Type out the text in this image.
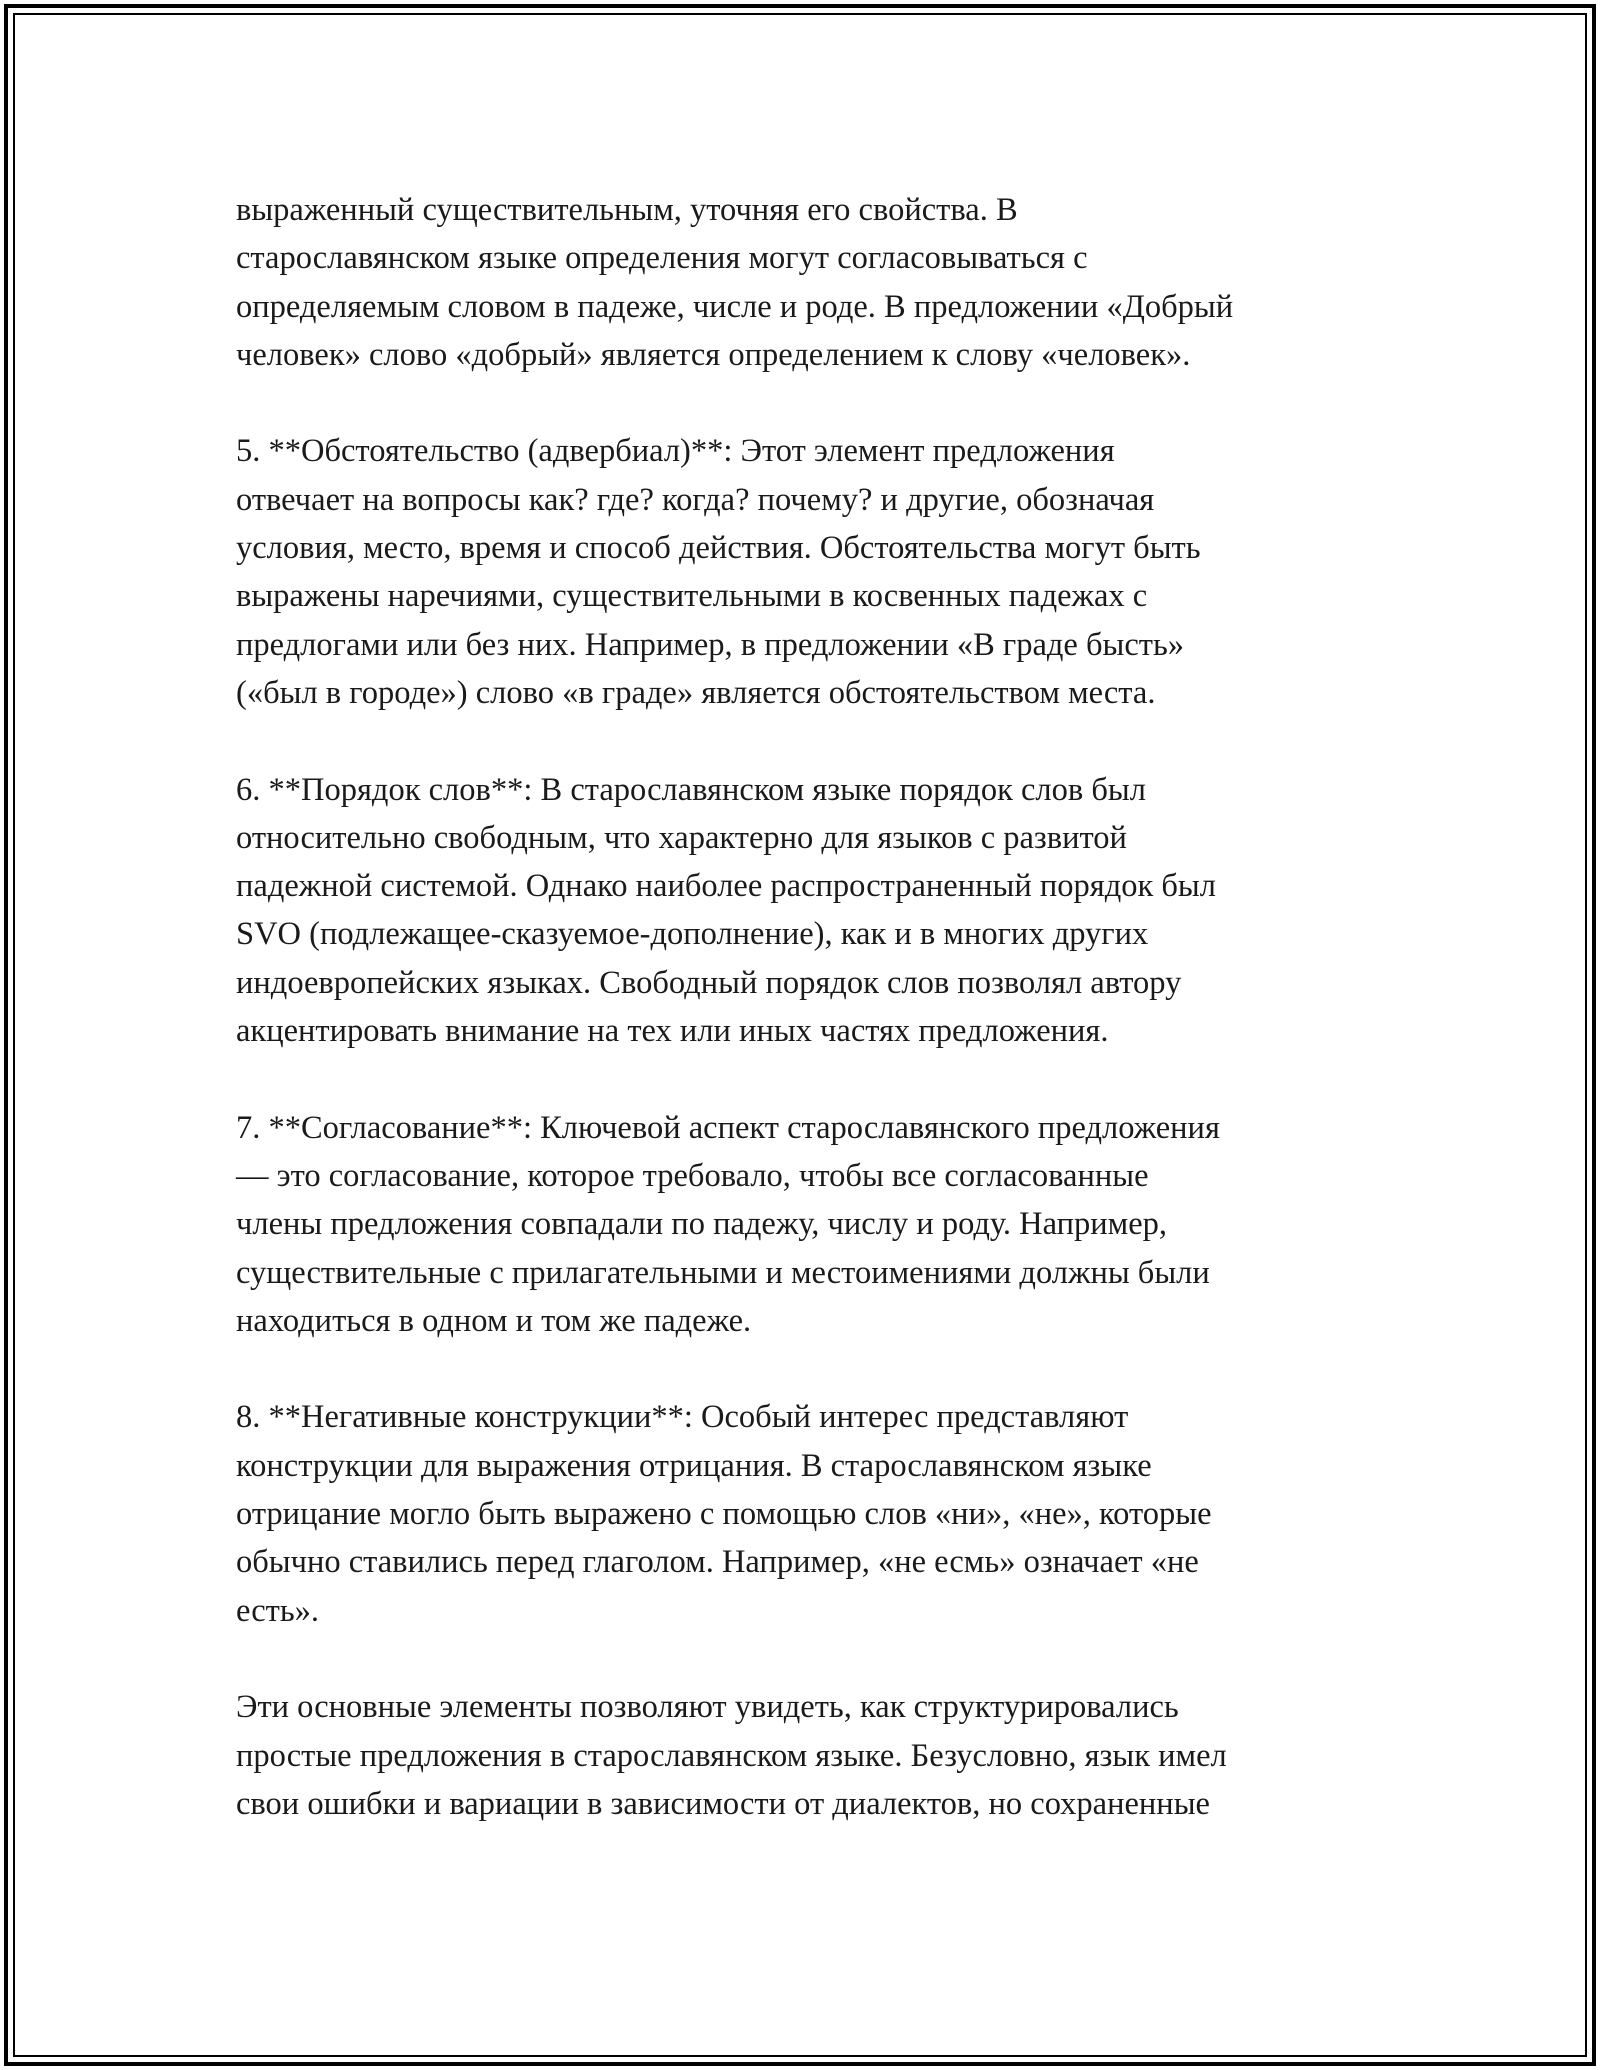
выраженный существительным, уточняя его свойства. В
старославянском языке определения могут согласовываться с
определяемым словом в падеже, числе и роде. В предложении «Добрый
человек» слово «добрый» является определением к слову «человек».
5. **Обстоятельство (адвербиал)**: Этот элемент предложения
отвечает на вопросы как? где? когда? почему? и другие, обозначая
условия, место, время и способ действия. Обстоятельства могут быть
выражены наречиями, существительными в косвенных падежах с
предлогами или без них. Например, в предложении «В граде бысть»
(«был в городе») слово «в граде» является обстоятельством места.
6. **Порядок слов**: В старославянском языке порядок слов был
относительно свободным, что характерно для языков с развитой
падежной системой. Однако наиболее распространенный порядок был
SVO (подлежащее-сказуемое-дополнение), как и в многих других
индоевропейских языках. Свободный порядок слов позволял автору
акцентировать внимание на тех или иных частях предложения.
7. **Согласование**: Ключевой аспект старославянского предложения
— это согласование, которое требовало, чтобы все согласованные
члены предложения совпадали по падежу, числу и роду. Например,
существительные с прилагательными и местоимениями должны были
находиться в одном и том же падеже.
8. **Негативные конструкции**: Особый интерес представляют
конструкции для выражения отрицания. В старославянском языке
отрицание могло быть выражено с помощью слов «ни», «не», которые
обычно ставились перед глаголом. Например, «не есмь» означает «не
есть».
Эти основные элементы позволяют увидеть, как структурировались
простые предложения в старославянском языке. Безусловно, язык имел
свои ошибки и вариации в зависимости от диалектов, но сохраненные
